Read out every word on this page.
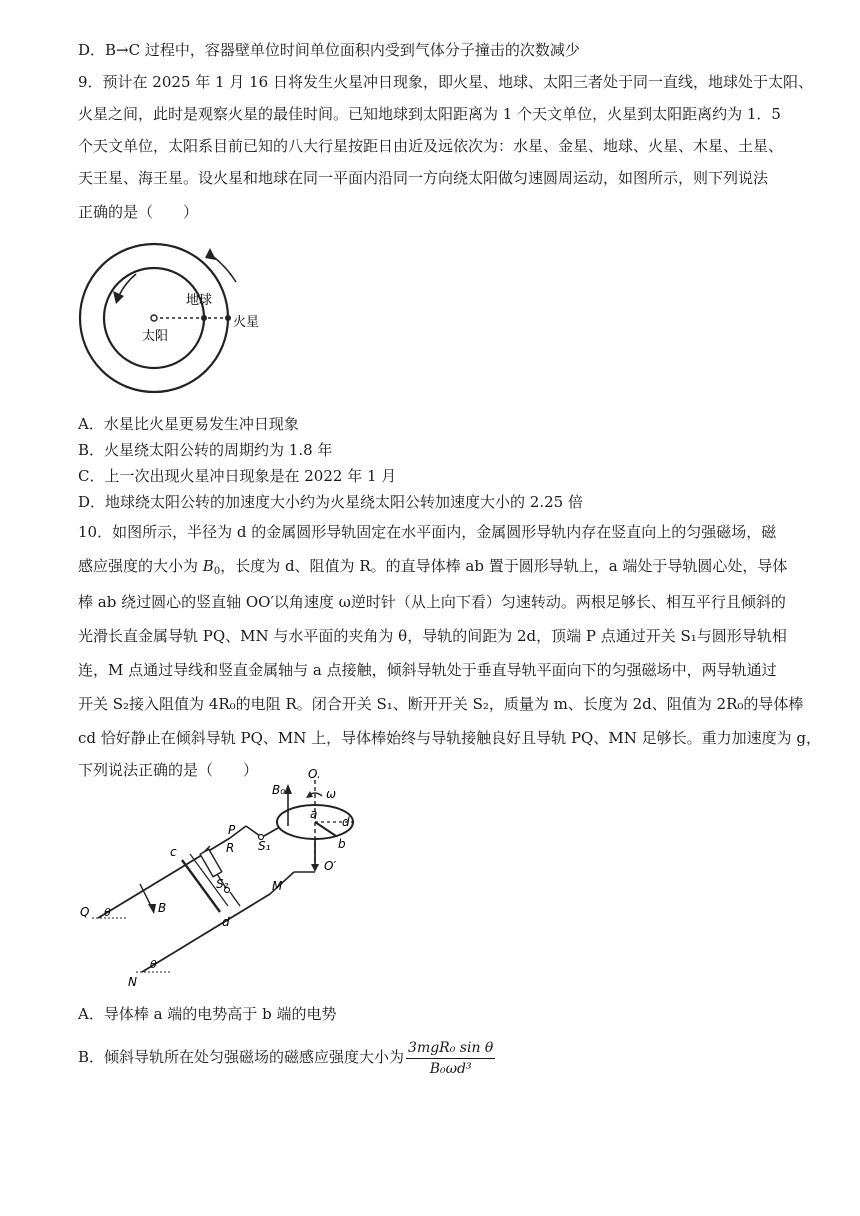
D．B→C 过程中，容器壁单位时间单位面积内受到气体分子撞击的次数减少
9．预计在 2025 年 1 月 16 日将发生火星冲日现象，即火星、地球、太阳三者处于同一直线，地球处于太阳、
火星之间，此时是观察火星的最佳时间。已知地球到太阳距离为 1 个天文单位，火星到太阳距离约为 1．5
个天文单位，太阳系目前已知的八大行星按距日由近及远依次为：水星、金星、地球、火星、木星、土星、
天王星、海王星。设火星和地球在同一平面内沿同一方向绕太阳做匀速圆周运动，如图所示，则下列说法
正确的是（　　）
太阳
地球
火星
A．水星比火星更易发生冲日现象
B．火星绕太阳公转的周期约为 1.8 年
C．上一次出现火星冲日现象是在 2022 年 1 月
D．地球绕太阳公转的加速度大小约为火星绕太阳公转加速度大小的 2.25 倍
10．如图所示，半径为 d 的金属圆形导轨固定在水平面内，金属圆形导轨内存在竖直向上的匀强磁场，磁
感应强度的大小为 $B_0$，长度为 d、阻值为 R。的直导体棒 ab 置于圆形导轨上，a 端处于导轨圆心处，导体
棒 ab 绕过圆心的竖直轴 OO′以角速度 ω逆时针（从上向下看）匀速转动。两根足够长、相互平行且倾斜的
光滑长直金属导轨 PQ、MN 与水平面的夹角为 θ，导轨的间距为 2d，顶端 P 点通过开关 S₁与圆形导轨相
连，M 点通过导线和竖直金属轴与 a 点接触，倾斜导轨处于垂直导轨平面向下的匀强磁场中，两导轨通过
开关 S₂接入阻值为 4R₀的电阻 R。闭合开关 S₁、断开开关 S₂，质量为 m、长度为 2d、阻值为 2R₀的导体棒
cd 恰好静止在倾斜导轨 PQ、MN 上，导体棒始终与导轨接触良好且导轨 PQ、MN 足够长。重力加速度为 g，
下列说法正确的是（　　）
B₀
O.
ω
a
d
b
O′
P
S₁
c	R
S₂	M
Q θ	B
d
N
θ
A．导体棒 a 端的电势高于 b 端的电势
B．倾斜导轨所在处匀强磁场的磁感应强度大小为 $\frac{\text{3mgR₀ sin θ}}{\text{B₀ωd³}}$
